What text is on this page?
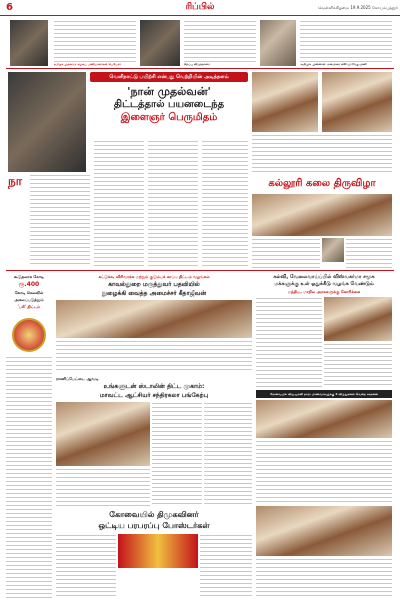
6	ரிப்பில்	வெள்ளிக்கிழமை 19.9.2025 கோயம்புத்தூர்
தமிழக முதல்வர் சமூகப் பணியாளர்கள் பெரியார்	சிறப்பு விருந்தாளர்	அதிமுக முன்னாள் அமைச்சர் எஸ்.பி.வேலுமணி
வெளிநாட்டு பயிற்சி என்பது வெற்றியின் அடித்தளம்
'நான் முதல்வன்'
திட்டத்தால் பயனடைந்த
இளைஞர் பெருமிதம்
நா	கல்லூரி கலை திருவிழா
கூடுதலாக கோடி
ரூ.400
கோடி செலவில்
அகலப்படுத்தும்
'பசி' திட்டம்
கட்டுக்க, விரிவாக்க மற்றும் குடும்பக் காப்பு திட்டம் வழங்கல்
காவல்துறை மருத்துவர் பதவியில்
நுழைக்கி வைத்த அமைச்சர் கீதாஜீவன்
ராணிப்பேட்டை ஆவடி
உங்களுடன் ஸ்டாலின் திட்ட முகாம்:
மாவட்ட ஆட்சியர் சந்திரகலா பங்கேற்பு
கோவையில் திமுகவினர்
ஒட்டிய பரபரப்பு போஸ்டர்கள்
கல்வி, வேலைவாய்ப்பில் விஸ்வகர்மா சமூக
மக்களுக்கு உள் ஒதுக்கீடு வழங்க வேண்டும்
மத்திய, மாநில அரசுகளுக்கு கோரிக்கை
கோவையில் விஞ்ஞானி தாரா மாணவர்களுக்கு 2 விருதுகளை வென்ற சாதனை
